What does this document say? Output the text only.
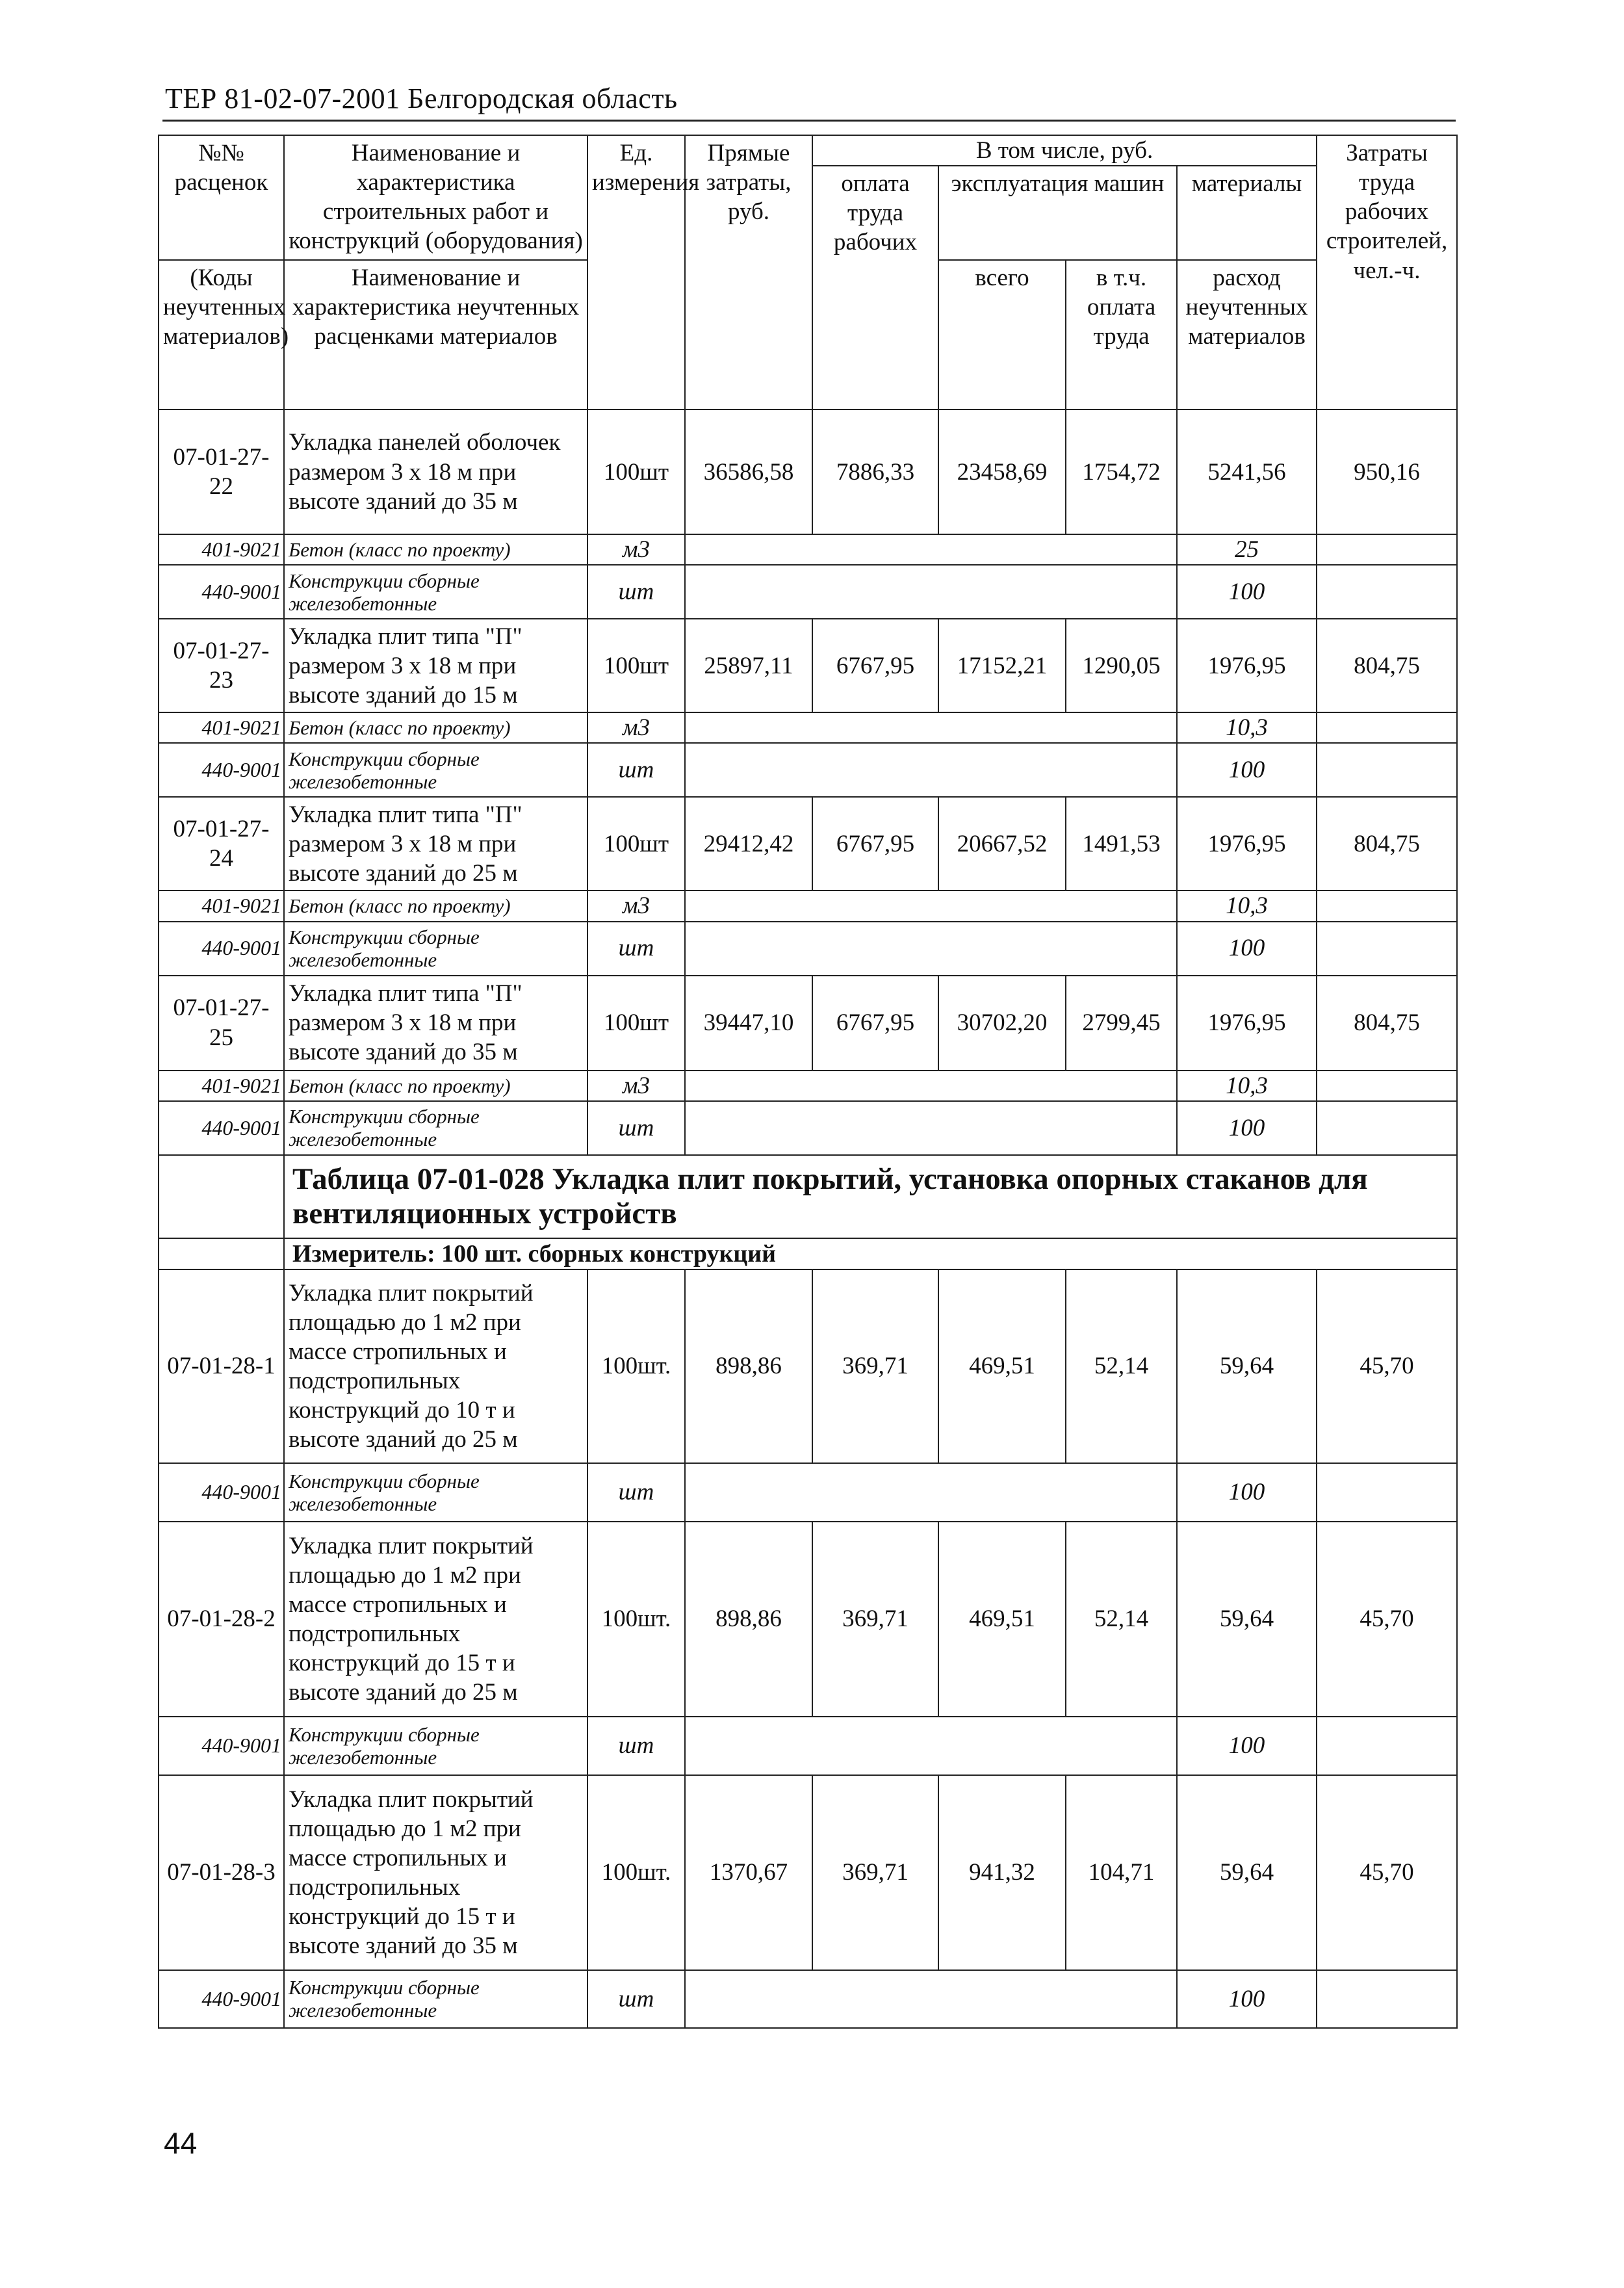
ТЕР 81-02-07-2001 Белгородская область
№№ расценок	Наименование и характеристика строительных работ и конструкций (оборудования)	Ед. измерения	Прямые затраты, руб.	В том числе, руб.				Затраты труда рабочих строителей, чел.-ч.
				оплата труда рабочих	эксплуатация машин		материалы	
(Коды неучтенных материалов)	Наименование и характеристика неучтенных расценками материалов				всего	в т.ч. оплата труда	расход неучтенных материалов	

07-01-27-22	Укладка панелей оболочек размером 3 х 18 м при высоте зданий до 35 м	100шт	36586,58	7886,33	23458,69	1754,72	5241,56	950,16
401-9021	Бетон (класс по проекту)	м3					25	
440-9001	Конструкции сборные железобетонные	шт					100	
07-01-27-23	Укладка плит типа "П" размером 3 х 18 м при высоте зданий до 15 м	100шт	25897,11	6767,95	17152,21	1290,05	1976,95	804,75
401-9021	Бетон (класс по проекту)	м3					10,3	
440-9001	Конструкции сборные железобетонные	шт					100	
07-01-27-24	Укладка плит типа "П" размером 3 х 18 м при высоте зданий до 25 м	100шт	29412,42	6767,95	20667,52	1491,53	1976,95	804,75
401-9021	Бетон (класс по проекту)	м3					10,3	
440-9001	Конструкции сборные железобетонные	шт					100	
07-01-27-25	Укладка плит типа "П" размером 3 х 18 м при высоте зданий до 35 м	100шт	39447,10	6767,95	30702,20	2799,45	1976,95	804,75
401-9021	Бетон (класс по проекту)	м3					10,3	
440-9001	Конструкции сборные железобетонные	шт					100	
	Таблица 07-01-028 Укладка плит покрытий, установка опорных стаканов для вентиляционных устройств							
	Измеритель: 100 шт. сборных конструкций							
07-01-28-1	Укладка плит покрытий площадью до 1 м2 при массе стропильных и подстропильных конструкций до 10 т и высоте зданий до 25 м	100шт.	898,86	369,71	469,51	52,14	59,64	45,70
440-9001	Конструкции сборные железобетонные	шт					100	
07-01-28-2	Укладка плит покрытий площадью до 1 м2 при массе стропильных и подстропильных конструкций до 15 т и высоте зданий до 25 м	100шт.	898,86	369,71	469,51	52,14	59,64	45,70
440-9001	Конструкции сборные железобетонные	шт					100	
07-01-28-3	Укладка плит покрытий площадью до 1 м2 при массе стропильных и подстропильных конструкций до 15 т и высоте зданий до 35 м	100шт.	1370,67	369,71	941,32	104,71	59,64	45,70
440-9001	Конструкции сборные железобетонные	шт					100	
44
